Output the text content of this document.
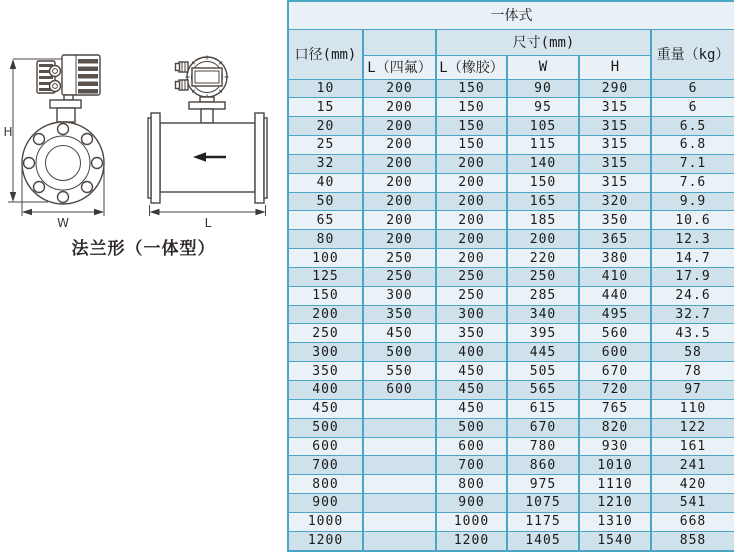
H
W	L
法兰形（一体型）
一体式					
口径(mm)		尺寸(mm)			重量（kg）
	L（四氟）	L（橡胶）	W	H	
10	200	150	90	290	6
15	200	150	95	315	6
20	200	150	105	315	6.5
25	200	150	115	315	6.8
32	200	200	140	315	7.1
40	200	200	150	315	7.6
50	200	200	165	320	9.9
65	200	200	185	350	10.6
80	200	200	200	365	12.3
100	250	200	220	380	14.7
125	250	250	250	410	17.9
150	300	250	285	440	24.6
200	350	300	340	495	32.7
250	450	350	395	560	43.5
300	500	400	445	600	58
350	550	450	505	670	78
400	600	450	565	720	97
450		450	615	765	110
500		500	670	820	122
600		600	780	930	161
700		700	860	1010	241
800		800	975	1110	420
900		900	1075	1210	541
1000		1000	1175	1310	668
1200		1200	1405	1540	858
